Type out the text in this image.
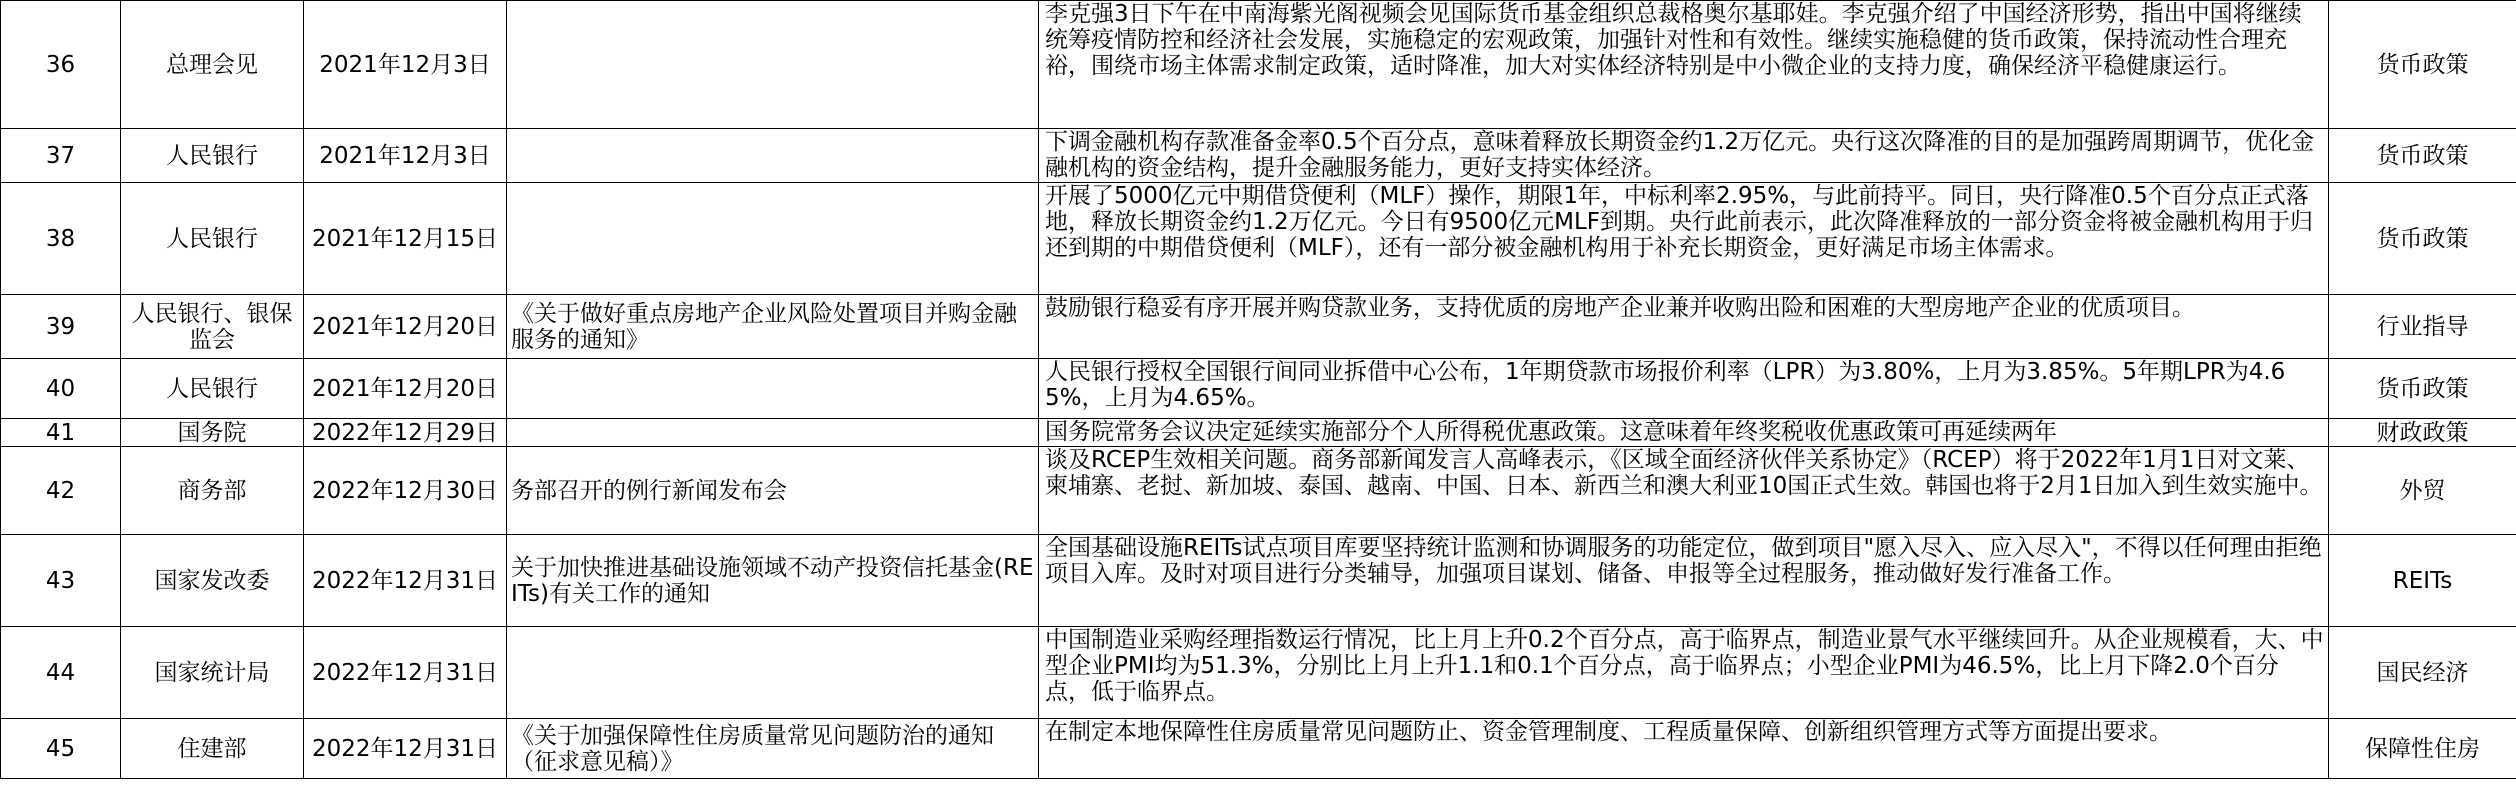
36	总理会见	2021年12月3日		李克强3日下午在中南海紫光阁视频会见国际货币基金组织总裁格奥尔基耶娃。李克强介绍了中国经济形势，指出中国将继续统筹疫情防控和经济社会发展，实施稳定的宏观政策，加强针对性和有效性。继续实施稳健的货币政策，保持流动性合理充裕，围绕市场主体需求制定政策，适时降准，加大对实体经济特别是中小微企业的支持力度，确保经济平稳健康运行。	货币政策
37	人民银行	2021年12月3日		下调金融机构存款准备金率0.5个百分点，意味着释放长期资金约1.2万亿元。央行这次降准的目的是加强跨周期调节，优化金融机构的资金结构，提升金融服务能力，更好支持实体经济。	货币政策
38	人民银行	2021年12月15日		开展了5000亿元中期借贷便利（MLF）操作，期限1年，中标利率2.95%，与此前持平。同日，央行降准0.5个百分点正式落地，释放长期资金约1.2万亿元。今日有9500亿元MLF到期。央行此前表示，此次降准释放的一部分资金将被金融机构用于归还到期的中期借贷便利（MLF），还有一部分被金融机构用于补充长期资金，更好满足市场主体需求。	货币政策
39	人民银行、银保监会	2021年12月20日	《关于做好重点房地产企业风险处置项目并购金融服务的通知》	鼓励银行稳妥有序开展并购贷款业务，支持优质的房地产企业兼并收购出险和困难的大型房地产企业的优质项目。	行业指导
40	人民银行	2021年12月20日		人民银行授权全国银行间同业拆借中心公布，1年期贷款市场报价利率（LPR）为3.80%，上月为3.85%。5年期LPR为4.65%，上月为4.65%。	货币政策
41	国务院	2022年12月29日		国务院常务会议决定延续实施部分个人所得税优惠政策。这意味着年终奖税收优惠政策可再延续两年	财政政策
42	商务部	2022年12月30日	务部召开的例行新闻发布会	谈及RCEP生效相关问题。商务部新闻发言人高峰表示，《区域全面经济伙伴关系协定》（RCEP）将于2022年1月1日对文莱、柬埔寨、老挝、新加坡、泰国、越南、中国、日本、新西兰和澳大利亚10国正式生效。韩国也将于2月1日加入到生效实施中。	外贸
43	国家发改委	2022年12月31日	关于加快推进基础设施领域不动产投资信托基金(REITs)有关工作的通知	全国基础设施REITs试点项目库要坚持统计监测和协调服务的功能定位，做到项目"愿入尽入、应入尽入"，不得以任何理由拒绝项目入库。及时对项目进行分类辅导，加强项目谋划、储备、申报等全过程服务，推动做好发行准备工作。	REITs
44	国家统计局	2022年12月31日		中国制造业采购经理指数运行情况，比上月上升0.2个百分点，高于临界点，制造业景气水平继续回升。从企业规模看，大、中型企业PMI均为51.3%，分别比上月上升1.1和0.1个百分点，高于临界点；小型企业PMI为46.5%，比上月下降2.0个百分点，低于临界点。	国民经济
45	住建部	2022年12月31日	《关于加强保障性住房质量常见问题防治的通知（征求意见稿）》	在制定本地保障性住房质量常见问题防止、资金管理制度、工程质量保障、创新组织管理方式等方面提出要求。	保障性住房
